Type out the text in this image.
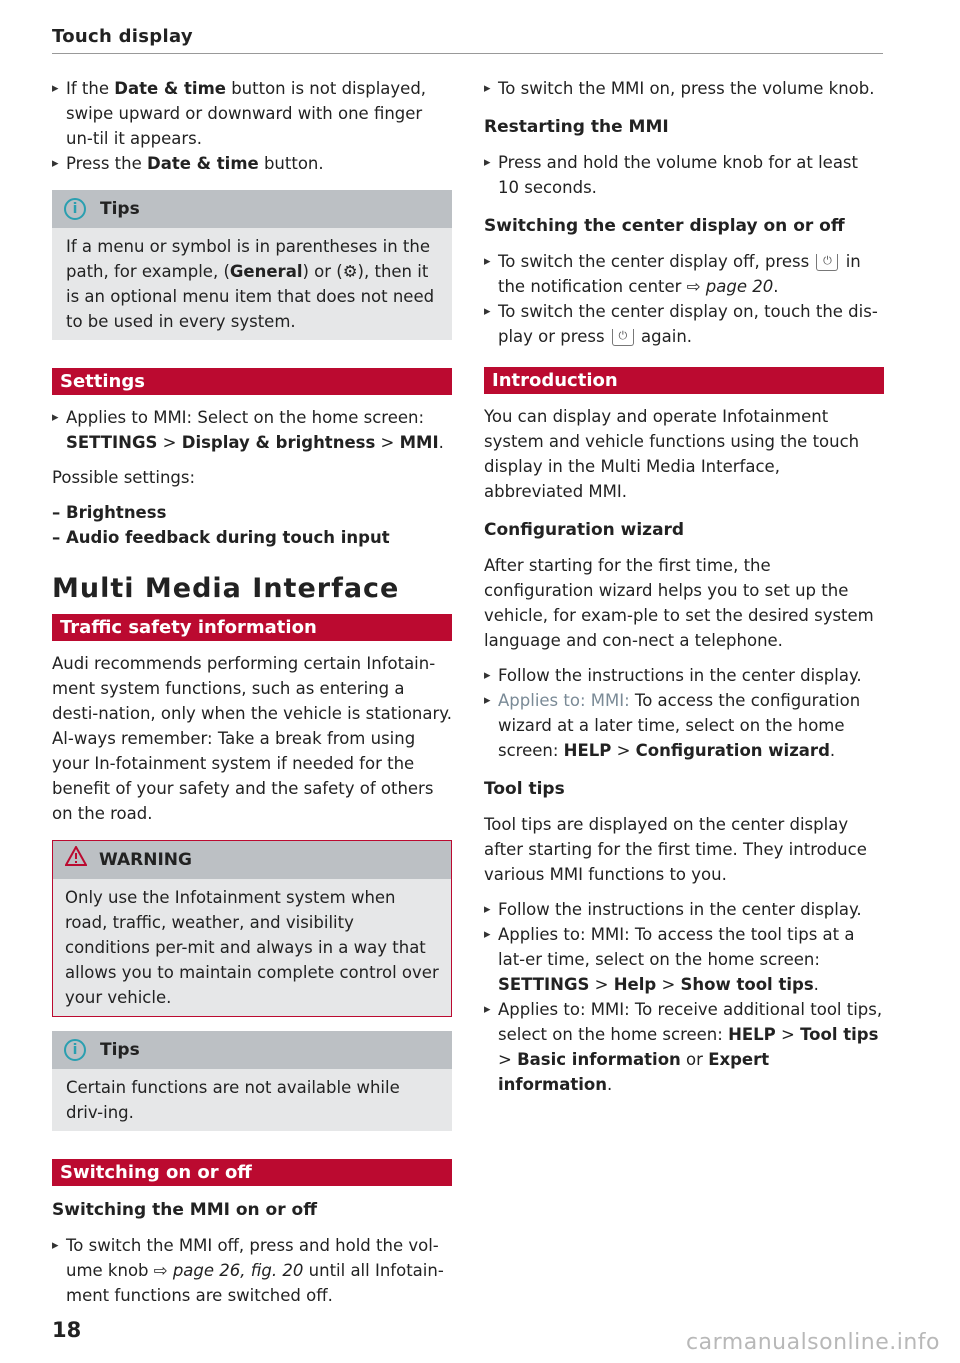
Touch display

▸ If the Date & time button is not displayed, swipe upward or downward with one finger un-til it appears.

▸ Press the Date & time button.

i	Tips
If a menu or symbol is in parentheses in the path, for example, (General) or (⚙), then it is an optional menu item that does not need to be used in every system.
Settings

▸ Applies to MMI: Select on the home screen: SETTINGS > Display & brightness > MMI.

Possible settings:

– Brightness

– Audio feedback during touch input

Multi Media Interface
Traffic safety information

Audi recommends performing certain Infotain-ment system functions, such as entering a desti-nation, only when the vehicle is stationary. Al-ways remember: Take a break from using your In-fotainment system if needed for the benefit of your safety and the safety of others on the road.

WARNING
Only use the Infotainment system when road, traffic, weather, and visibility conditions per-mit and always in a way that allows you to maintain complete control over your vehicle.
i	Tips
Certain functions are not available while driv-ing.
Switching on or off

Switching the MMI on or off

▸ To switch the MMI off, press and hold the vol-ume knob ⇨ page 26, fig. 20 until all Infotain-ment functions are switched off.

▸ To switch the MMI on, press the volume knob.

Restarting the MMI

▸ Press and hold the volume knob for at least 10 seconds.

Switching the center display on or off

▸ To switch the center display off, press ⏻ in the notification center ⇨ page 20.

▸ To switch the center display on, touch the dis-play or press ⏻ again.

Introduction

You can display and operate Infotainment system and vehicle functions using the touch display in the Multi Media Interface, abbreviated MMI.

Configuration wizard

After starting for the first time, the configuration wizard helps you to set up the vehicle, for exam-ple to set the desired system language and con-nect a telephone.

▸ Follow the instructions in the center display.

▸ Applies to: MMI: To access the configuration wizard at a later time, select on the home screen: HELP > Configuration wizard.

Tool tips

Tool tips are displayed on the center display after starting for the first time. They introduce various MMI functions to you.

▸ Follow the instructions in the center display.

▸ Applies to: MMI: To access the tool tips at a lat-er time, select on the home screen: SETTINGS > Help > Show tool tips.

▸ Applies to: MMI: To receive additional tool tips, select on the home screen: HELP > Tool tips > Basic information or Expert information.

18	carmanualsonline.info
